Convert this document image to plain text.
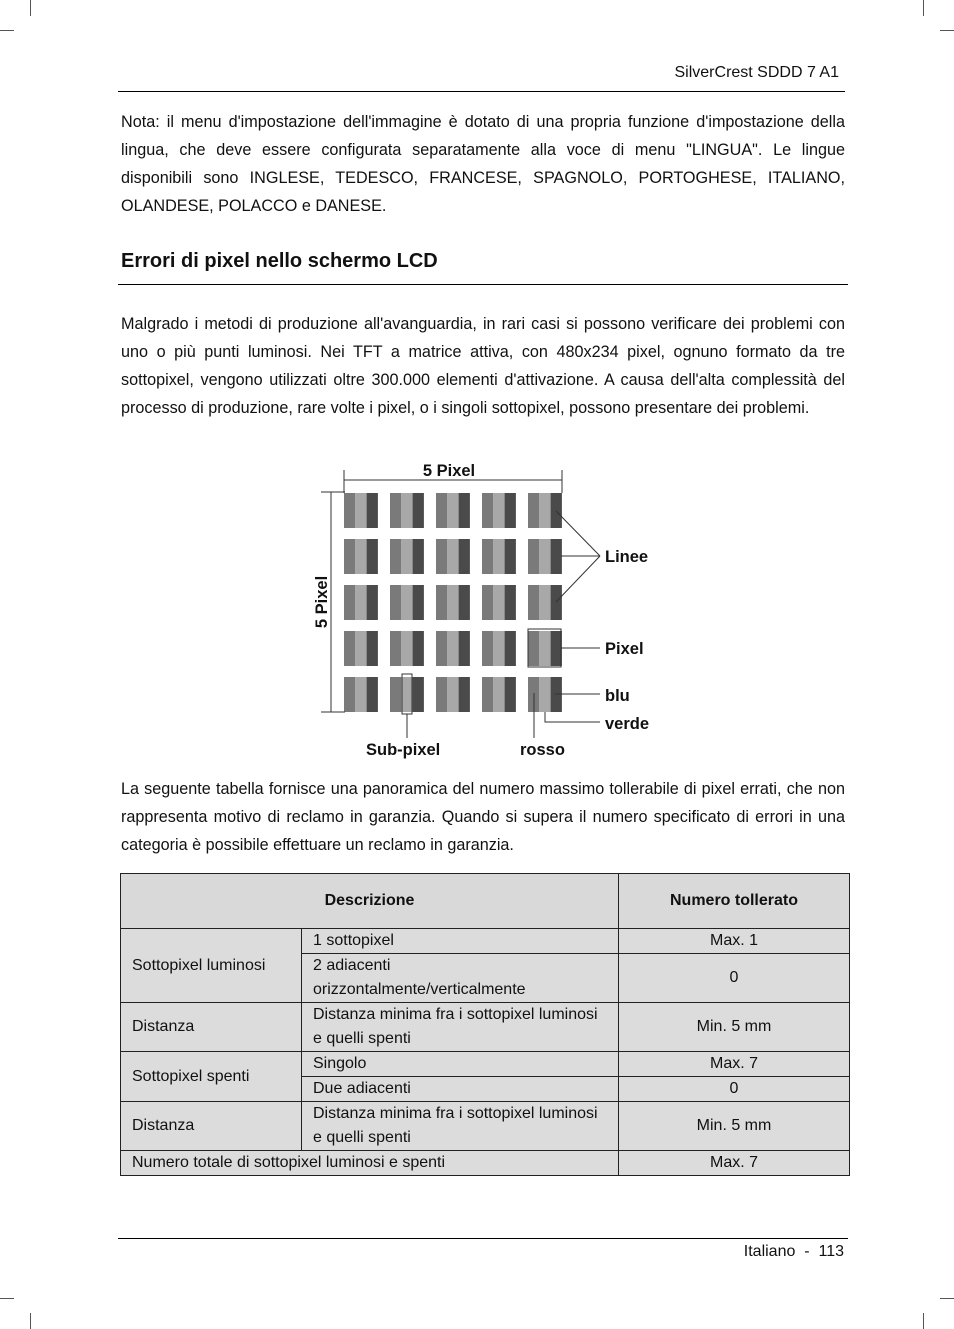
SilverCrest SDDD 7 A1

Nota: il menu d'impostazione dell'immagine è dotato di una propria funzione d'impostazione della lingua, che deve essere configurata separatamente alla voce di menu "LINGUA". Le lingue disponibili sono INGLESE, TEDESCO, FRANCESE, SPAGNOLO, PORTOGHESE, ITALIANO, OLANDESE, POLACCO e DANESE.

Errori di pixel nello schermo LCD

Malgrado i metodi di produzione all'avanguardia, in rari casi si possono verificare dei problemi con uno o più punti luminosi. Nei TFT a matrice attiva, con 480x234 pixel, ognuno formato da tre sottopixel, vengono utilizzati oltre 300.000 elementi d'attivazione. A causa dell'alta complessità del processo di produzione, rare volte i pixel, o i singoli sottopixel, possono presentare dei problemi.

5 Pixel
5 Pixel
Linee
Pixel
blu
verde
Sub-pixel	rosso

La seguente tabella fornisce una panoramica del numero massimo tollerabile di pixel errati, che non rappresenta motivo di reclamo in garanzia. Quando si supera il numero specificato di errori in una categoria è possibile effettuare un reclamo in garanzia.

Descrizione		Numero tollerato
Sottopixel luminosi	1 sottopixel	Max. 1
	2 adiacenti orizzontalmente/verticalmente	0
Distanza	Distanza minima fra i sottopixel luminosi e quelli spenti	Min. 5 mm
Sottopixel spenti	Singolo	Max. 7
	Due adiacenti	0
Distanza	Distanza minima fra i sottopixel luminosi e quelli spenti	Min. 5 mm
Numero totale di sottopixel luminosi e spenti		Max. 7
Italiano - 113
